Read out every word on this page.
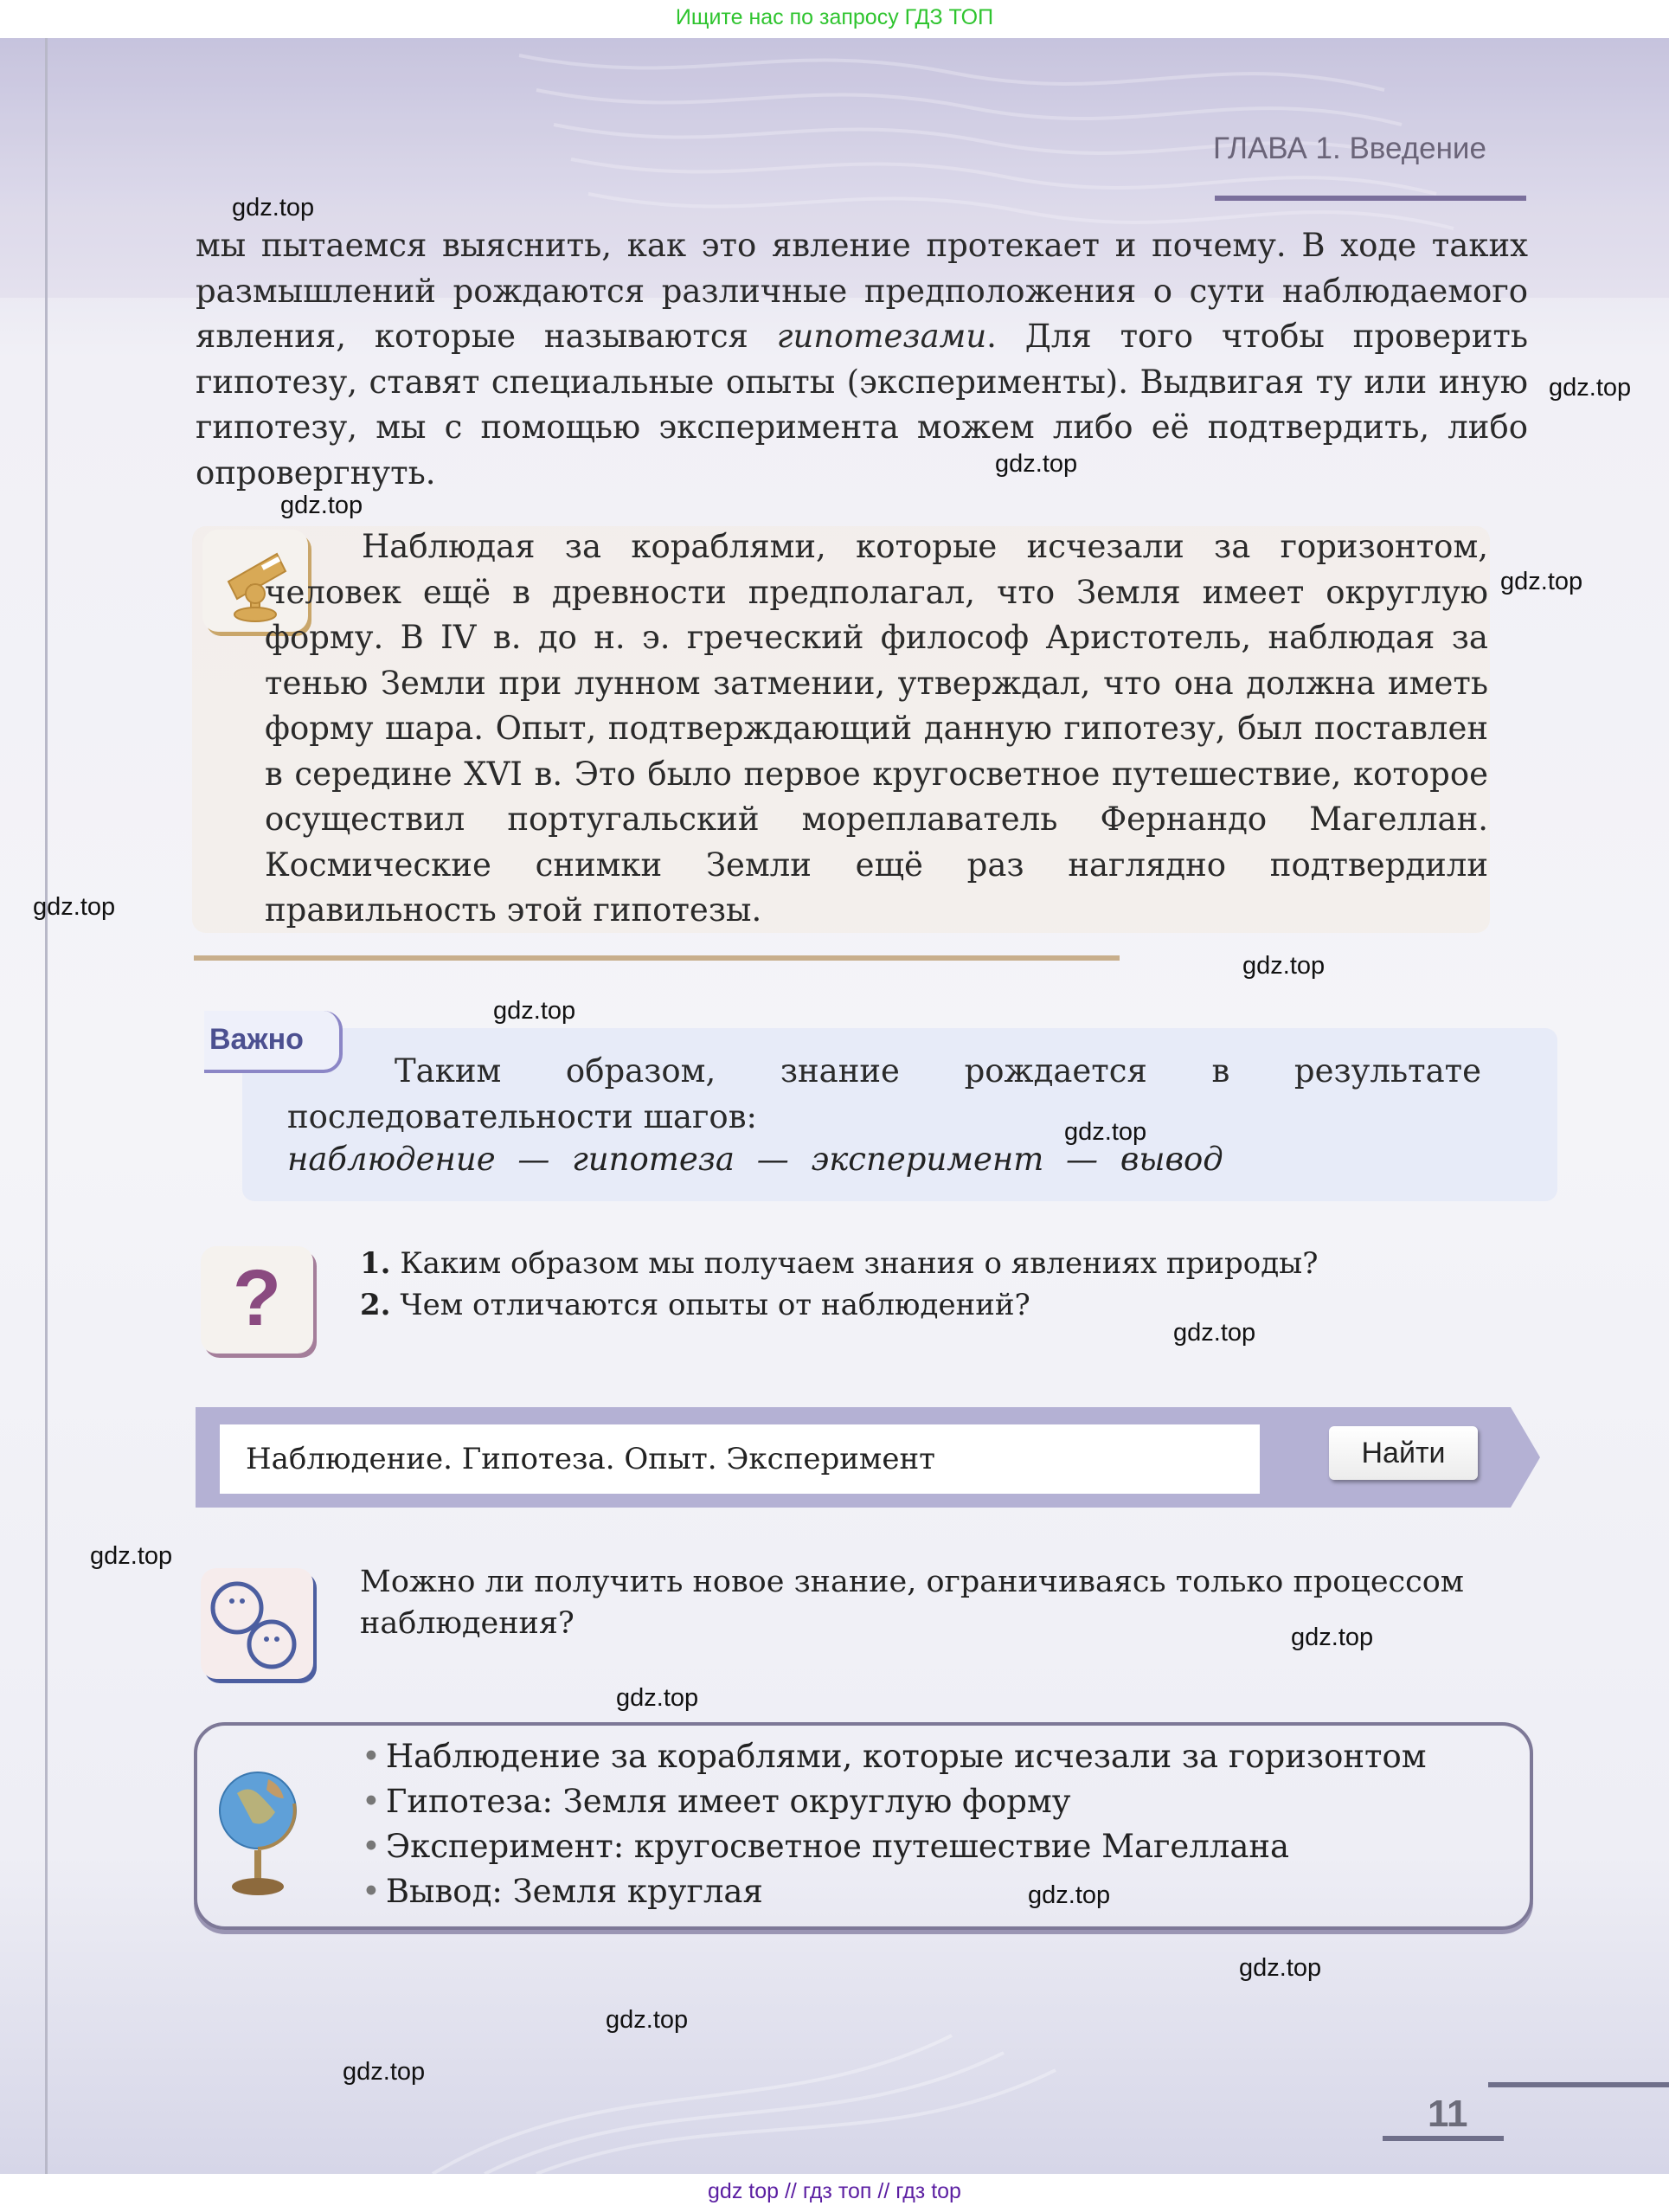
Ищите нас по запросу ГДЗ ТОП
ГЛАВА 1. Введение
мы пытаемся выяснить, как это явление протекает и почему. В ходе таких размышлений рождаются различные предположения о сути наблюдаемого явления, которые называются гипотезами. Для того чтобы проверить гипотезу, ставят специальные опыты (эксперименты). Выдвигая ту или иную гипотезу, мы с помощью эксперимента можем либо её подтвердить, либо опровергнуть.
Наблюдая за кораблями, которые исчезали за горизонтом, человек ещё в древности предполагал, что Земля имеет округлую форму. В IV в. до н. э. греческий философ Аристотель, наблюдая за тенью Земли при лунном затмении, утверждал, что она должна иметь форму шара. Опыт, подтверждающий данную гипотезу, был поставлен в середине XVI в. Это было первое кругосветное путешествие, которое осуществил португальский мореплаватель Фернандо Магеллан. Космические снимки Земли ещё раз наглядно подтвердили правильность этой гипотезы.
Важно
Таким образом, знание рождается в результате последовательности шагов:
наблюдение — гипотеза — эксперимент — вывод
?	1. Каким образом мы получаем знания о явлениях природы?
2. Чем отличаются опыты от наблюдений?
Наблюдение. Гипотеза. Опыт. Эксперимент	Найти
Можно ли получить новое знание, ограничиваясь только процессом наблюдения?
• Наблюдение за кораблями, которые исчезали за горизонтом
• Гипотеза: Земля имеет округлую форму
• Эксперимент: кругосветное путешествие Магеллана
• Вывод: Земля круглая
11
gdz.top
gdz.top
gdz.top
gdz.top
gdz.top
gdz.top
gdz.top
gdz.top
gdz.top
gdz.top
gdz.top
gdz.top
gdz.top
gdz.top
gdz.top
gdz.top
gdz.top
gdz top // гдз топ // гдз top
